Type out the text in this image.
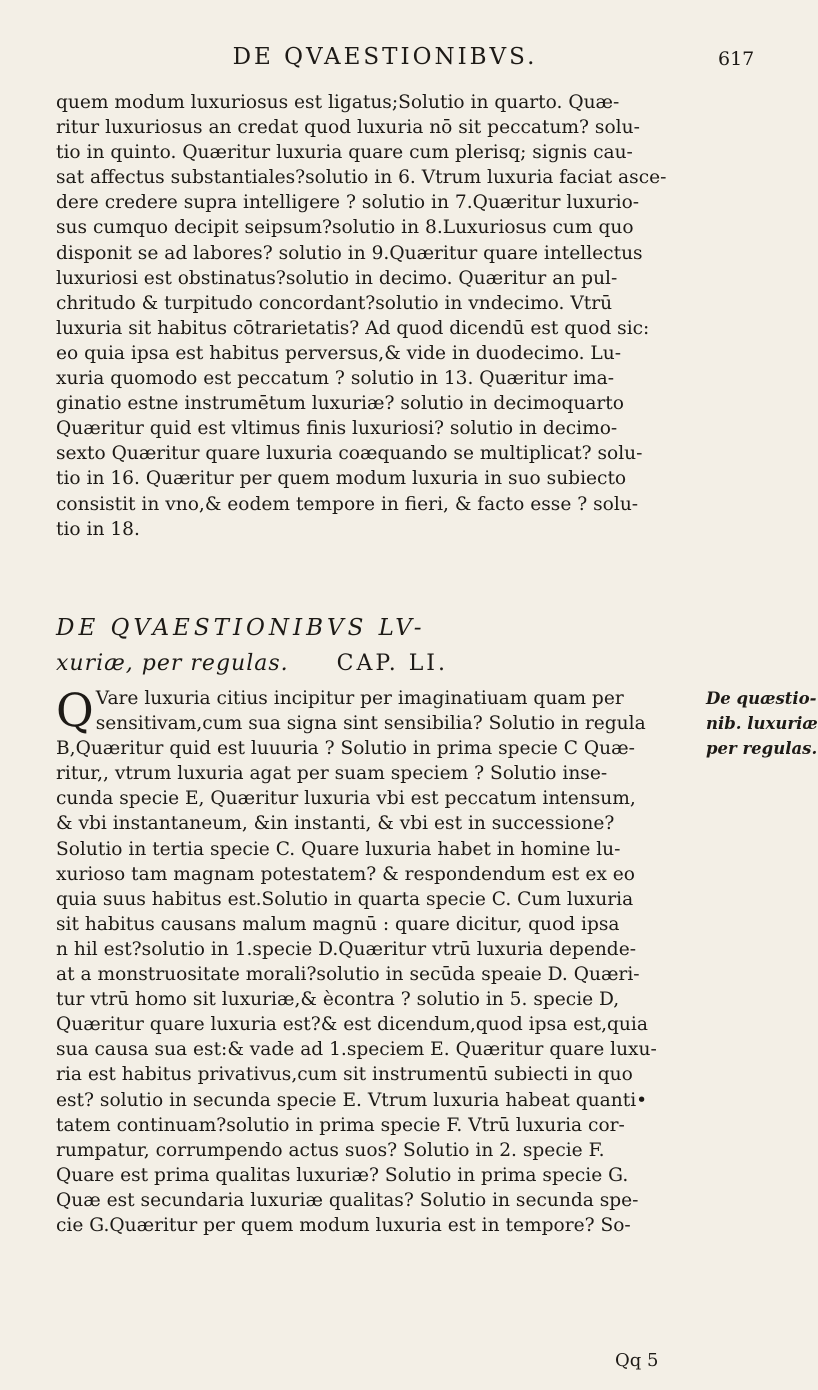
DE QVAESTIONIBVS.	617
quem modum luxuriosus est ligatus;Solutio in quarto. Quæ-
ritur luxuriosus an credat quod luxuria nō sit peccatum? solu-
tio in quinto. Quæritur luxuria quare cum plerisq; signis cau-
sat affectus substantiales?solutio in 6. Vtrum luxuria faciat asce-
dere credere supra intelligere ? solutio in 7.Quæritur luxurio-
sus cumquo decipit seipsum?solutio in 8.Luxuriosus cum quo
disponit se ad labores? solutio in 9.Quæritur quare intellectus
luxuriosi est obstinatus?solutio in decimo. Quæritur an pul-
chritudo & turpitudo concordant?solutio in vndecimo. Vtrū
luxuria sit habitus cōtrarietatis? Ad quod dicendū est quod sic:
eo quia ipsa est habitus perversus,& vide in duodecimo. Lu-
xuria quomodo est peccatum ? solutio in 13. Quæritur ima-
ginatio estne instrumētum luxuriæ? solutio in decimoquarto
Quæritur quid est vltimus finis luxuriosi? solutio in decimo-
sexto Quæritur quare luxuria coæquando se multiplicat? solu-
tio in 16. Quæritur per quem modum luxuria in suo subiecto
consistit in vno,& eodem tempore in fieri, & facto esse ? solu-
tio in 18.
DE QVAESTIONIBVS LV-
xuriæ, per regulas. CAP. LI.
Q Vare luxuria citius incipitur per imaginatiuam quam per
sensitivam,cum sua signa sint sensibilia? Solutio in regula
B,Quæritur quid est luuuria ? Solutio in prima specie C Quæ-
ritur,, vtrum luxuria agat per suam speciem ? Solutio inse-
cunda specie E, Quæritur luxuria vbi est peccatum intensum,
& vbi instantaneum, &in instanti, & vbi est in successione?
Solutio in tertia specie C. Quare luxuria habet in homine lu-
xurioso tam magnam potestatem? & respondendum est ex eo
quia suus habitus est.Solutio in quarta specie C. Cum luxuria
sit habitus causans malum magnū : quare dicitur, quod ipsa
n hil est?solutio in 1.specie D.Quæritur vtrū luxuria depende-
at a monstruositate morali?solutio in secūda speaie D. Quæri-
tur vtrū homo sit luxuriæ,& ècontra ? solutio in 5. specie D,
Quæritur quare luxuria est?& est dicendum,quod ipsa est,quia
sua causa sua est:& vade ad 1.speciem E. Quæritur quare luxu-
ria est habitus privativus,cum sit instrumentū subiecti in quo
est? solutio in secunda specie E. Vtrum luxuria habeat quanti•
tatem continuam?solutio in prima specie F. Vtrū luxuria cor-
rumpatur, corrumpendo actus suos? Solutio in 2. specie F.
Quare est prima qualitas luxuriæ? Solutio in prima specie G.
Quæ est secundaria luxuriæ qualitas? Solutio in secunda spe-
cie G.Quæritur per quem modum luxuria est in tempore? So-
De quæstio-
nib. luxuriæ
per regulas.
Qq 5
